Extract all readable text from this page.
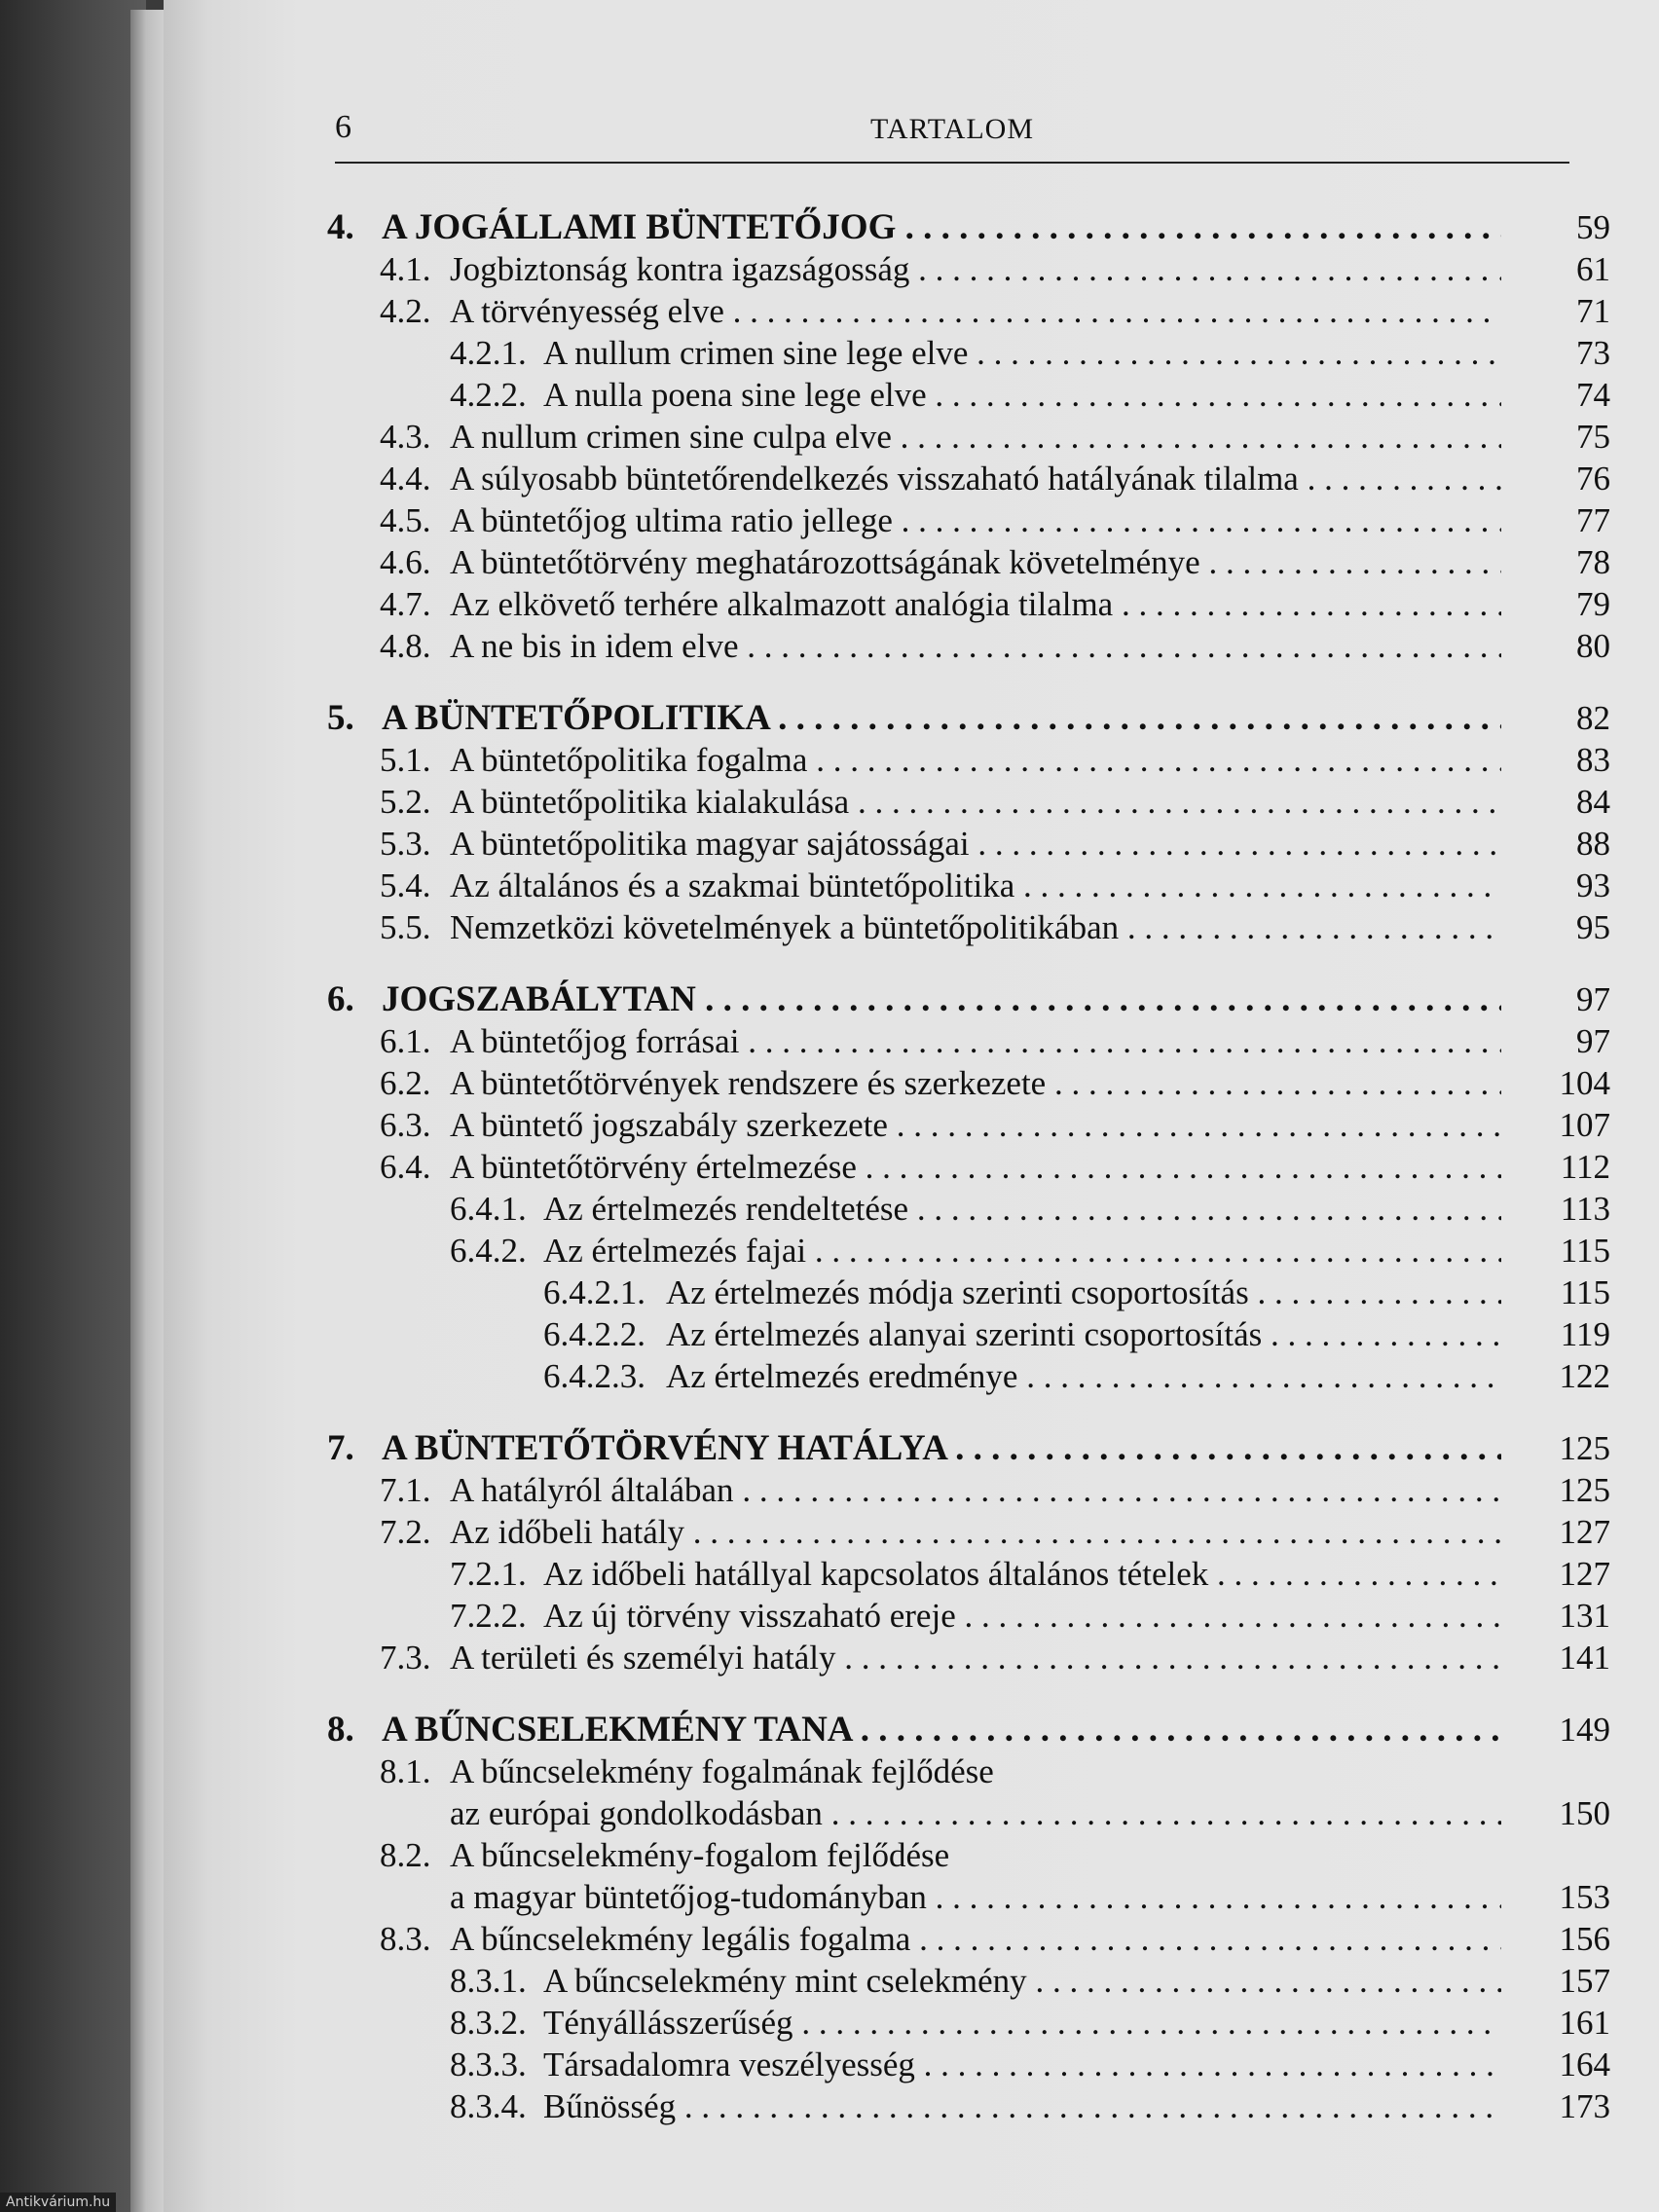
6	TARTALOM
4. A JOGÁLLAMI BÜNTETŐJOG . . .	59
4.1. Jogbiztonság kontra igazságosság . . .	61
4.2. A törvényesség elve . . .	71
4.2.1. A nullum crimen sine lege elve . . .	73
4.2.2. A nulla poena sine lege elve . . .	74
4.3. A nullum crimen sine culpa elve . . .	75
4.4. A súlyosabb büntetőrendelkezés visszaható hatályának tilalma . . .	76
4.5. A büntetőjog ultima ratio jellege . . .	77
4.6. A büntetőtörvény meghatározottságának követelménye . . .	78
4.7. Az elkövető terhére alkalmazott analógia tilalma . . .	79
4.8. A ne bis in idem elve . . .	80
5. A BÜNTETŐPOLITIKA . . .	82
5.1. A büntetőpolitika fogalma . . .	83
5.2. A büntetőpolitika kialakulása . . .	84
5.3. A büntetőpolitika magyar sajátosságai . . .	88
5.4. Az általános és a szakmai büntetőpolitika . . .	93
5.5. Nemzetközi követelmények a büntetőpolitikában . . .	95
6. JOGSZABÁLYTAN . . .	97
6.1. A büntetőjog forrásai . . .	97
6.2. A büntetőtörvények rendszere és szerkezete . . .	104
6.3. A büntető jogszabály szerkezete . . .	107
6.4. A büntetőtörvény értelmezése . . .	112
6.4.1. Az értelmezés rendeltetése . . .	113
6.4.2. Az értelmezés fajai . . .	115
6.4.2.1. Az értelmezés módja szerinti csoportosítás . . .	115
6.4.2.2. Az értelmezés alanyai szerinti csoportosítás . . .	119
6.4.2.3. Az értelmezés eredménye . . .	122
7. A BÜNTETŐTÖRVÉNY HATÁLYA . . .	125
7.1. A hatályról általában . . .	125
7.2. Az időbeli hatály . . .	127
7.2.1. Az időbeli hatállyal kapcsolatos általános tételek . . .	127
7.2.2. Az új törvény visszaható ereje . . .	131
7.3. A területi és személyi hatály . . .	141
8. A BŰNCSELEKMÉNY TANA . . .	149
8.1. A bűncselekmény fogalmának fejlődése
az európai gondolkodásban . . .	150
8.2. A bűncselekmény-fogalom fejlődése
a magyar büntetőjog-tudományban . . .	153
8.3. A bűncselekmény legális fogalma . . .	156
8.3.1. A bűncselekmény mint cselekmény . . .	157
8.3.2. Tényállásszerűség . . .	161
8.3.3. Társadalomra veszélyesség . . .	164
8.3.4. Bűnösség . . .	173
Antikvárium.hu
